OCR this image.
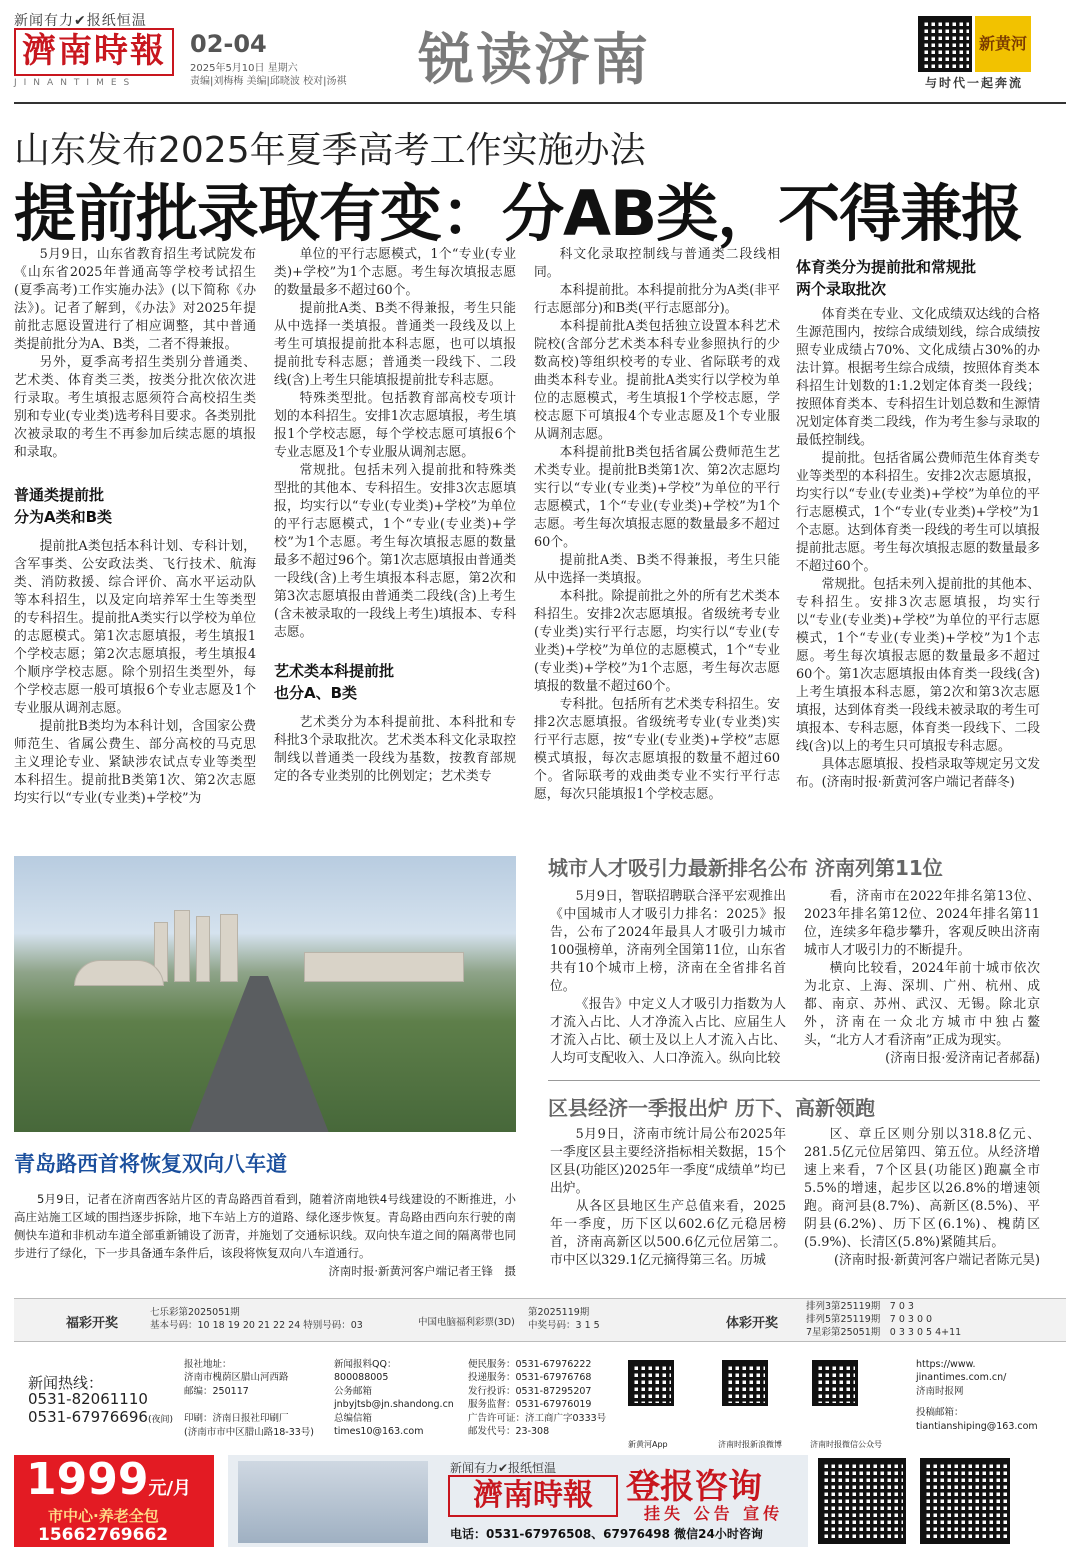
新闻有力✔报纸恒温
濟南時報
JINANTIMES
02-04
2025年5月10日 星期六
责编|刘梅梅 美编|邱晓波 校对|汤祺 锐读济南	新黄河
与时代一起奔流
山东发布2025年夏季高考工作实施办法
提前批录取有变：分AB类，不得兼报

5月9日，山东省教育招生考试院发布《山东省2025年普通高等学校考试招生(夏季高考)工作实施办法》(以下简称《办法》)。记者了解到，《办法》对2025年提前批志愿设置进行了相应调整，其中普通类提前批分为A、B类，二者不得兼报。

另外，夏季高考招生类别分普通类、艺术类、体育类三类，按类分批次依次进行录取。考生填报志愿须符合高校招生类别和专业(专业类)选考科目要求。各类别批次被录取的考生不再参加后续志愿的填报和录取。

普通类提前批
分为A类和B类

提前批A类包括本科计划、专科计划，含军事类、公安政法类、飞行技术、航海类、消防救援、综合评价、高水平运动队等本科招生，以及定向培养军士生等类型的专科招生。提前批A类实行以学校为单位的志愿模式。第1次志愿填报，考生填报1个学校志愿；第2次志愿填报，考生填报4个顺序学校志愿。除个别招生类型外，每个学校志愿一般可填报6个专业志愿及1个专业服从调剂志愿。

提前批B类均为本科计划，含国家公费师范生、省属公费生、部分高校的马克思主义理论专业、紧缺涉农试点专业等类型本科招生。提前批B类第1次、第2次志愿均实行以“专业(专业类)+学校”为

单位的平行志愿模式，1个“专业(专业类)+学校”为1个志愿。考生每次填报志愿的数量最多不超过60个。

提前批A类、B类不得兼报，考生只能从中选择一类填报。普通类一段线及以上考生可填报提前批本科志愿，也可以填报提前批专科志愿；普通类一段线下、二段线(含)上考生只能填报提前批专科志愿。

特殊类型批。包括教育部高校专项计划的本科招生。安排1次志愿填报，考生填报1个学校志愿，每个学校志愿可填报6个专业志愿及1个专业服从调剂志愿。

常规批。包括未列入提前批和特殊类型批的其他本、专科招生。安排3次志愿填报，均实行以“专业(专业类)+学校”为单位的平行志愿模式，1个“专业(专业类)+学校”为1个志愿。考生每次填报志愿的数量最多不超过96个。第1次志愿填报由普通类一段线(含)上考生填报本科志愿，第2次和第3次志愿填报由普通类二段线(含)上考生(含未被录取的一段线上考生)填报本、专科志愿。

艺术类本科提前批
也分A、B类

艺术类分为本科提前批、本科批和专科批3个录取批次。艺术类本科文化录取控制线以普通类一段线为基数，按教育部规定的各专业类别的比例划定；艺术类专

科文化录取控制线与普通类二段线相同。

本科提前批。本科提前批分为A类(非平行志愿部分)和B类(平行志愿部分)。

本科提前批A类包括独立设置本科艺术院校(含部分艺术类本科专业参照执行的少数高校)等组织校考的专业、省际联考的戏曲类本科专业。提前批A类实行以学校为单位的志愿模式，考生填报1个学校志愿，学校志愿下可填报4个专业志愿及1个专业服从调剂志愿。

本科提前批B类包括省属公费师范生艺术类专业。提前批B类第1次、第2次志愿均实行以“专业(专业类)+学校”为单位的平行志愿模式，1个“专业(专业类)+学校”为1个志愿。考生每次填报志愿的数量最多不超过60个。

提前批A类、B类不得兼报，考生只能从中选择一类填报。

本科批。除提前批之外的所有艺术类本科招生。安排2次志愿填报。省级统考专业(专业类)实行平行志愿，均实行以“专业(专业类)+学校”为单位的志愿模式，1个“专业(专业类)+学校”为1个志愿，考生每次志愿填报的数量不超过60个。

专科批。包括所有艺术类专科招生。安排2次志愿填报。省级统考专业(专业类)实行平行志愿，按“专业(专业类)+学校”志愿模式填报，每次志愿填报的数量不超过60个。省际联考的戏曲类专业不实行平行志愿，每次只能填报1个学校志愿。

体育类分为提前批和常规批
两个录取批次

体育类在专业、文化成绩双达线的合格生源范围内，按综合成绩划线，综合成绩按照专业成绩占70%、文化成绩占30%的办法计算。根据考生综合成绩，按照体育类本科招生计划数的1:1.2划定体育类一段线；按照体育类本、专科招生计划总数和生源情况划定体育类二段线，作为考生参与录取的最低控制线。

提前批。包括省属公费师范生体育类专业等类型的本科招生。安排2次志愿填报，均实行以“专业(专业类)+学校”为单位的平行志愿模式，1个“专业(专业类)+学校”为1个志愿。达到体育类一段线的考生可以填报提前批志愿。考生每次填报志愿的数量最多不超过60个。

常规批。包括未列入提前批的其他本、专科招生。安排3次志愿填报，均实行以“专业(专业类)+学校”为单位的平行志愿模式，1个“专业(专业类)+学校”为1个志愿。考生每次填报志愿的数量最多不超过60个。第1次志愿填报由体育类一段线(含)上考生填报本科志愿，第2次和第3次志愿填报，达到体育类一段线未被录取的考生可填报本、专科志愿，体育类一段线下、二段线(含)以上的考生只可填报专科志愿。

具体志愿填报、投档录取等规定另文发布。(济南时报·新黄河客户端记者薛冬)

青岛路西首将恢复双向八车道

5月9日，记者在济南西客站片区的青岛路西首看到，随着济南地铁4号线建设的不断推进，小高庄站施工区域的围挡逐步拆除，地下车站上方的道路、绿化逐步恢复。青岛路由西向东行驶的南侧快车道和非机动车道全部重新铺设了沥青，并施划了交通标识线。双向快车道之间的隔离带也同步进行了绿化，下一步具备通车条件后，该段将恢复双向八车道通行。

济南时报·新黄河客户端记者王锋　摄
城市人才吸引力最新排名公布 济南列第11位

5月9日，智联招聘联合泽平宏观推出《中国城市人才吸引力排名：2025》报告，公布了2024年最具人才吸引力城市100强榜单，济南列全国第11位，山东省共有10个城市上榜，济南在全省排名首位。

《报告》中定义人才吸引力指数为人才流入占比、人才净流入占比、应届生人才流入占比、硕士及以上人才流入占比、人均可支配收入、人口净流入。纵向比较

看，济南市在2022年排名第13位、2023年排名第12位、2024年排名第11位，连续多年稳步攀升，客观反映出济南城市人才吸引力的不断提升。

横向比较看，2024年前十城市依次为北京、上海、深圳、广州、杭州、成都、南京、苏州、武汉、无锡。除北京外，济南在一众北方城市中独占鳌头，“北方人才看济南”正成为现实。

(济南日报·爱济南记者郝磊)
区县经济一季报出炉 历下、高新领跑

5月9日，济南市统计局公布2025年一季度区县主要经济指标相关数据，15个区县(功能区)2025年一季度“成绩单”均已出炉。

从各区县地区生产总值来看，2025年一季度，历下区以602.6亿元稳居榜首，济南高新区以500.6亿元位居第二。市中区以329.1亿元摘得第三名。历城

区、章丘区则分别以318.8亿元、281.5亿元位居第四、第五位。从经济增速上来看，7个区县(功能区)跑赢全市5.5%的增速，起步区以26.8%的增速领跑。商河县(8.7%)、高新区(8.5%)、平阴县(6.2%)、历下区(6.1%)、槐荫区(5.9%)、长清区(5.8%)紧随其后。

(济南时报·新黄河客户端记者陈元昊)
福彩开奖
七乐彩第2025051期
基本号码：10 18 19 20 21 22 24 特别号码：03	中国电脑福利彩票(3D)
第2025119期
中奖号码：3 1 5	体彩开奖
排列3第25119期　7 0 3
排列5第25119期　7 0 3 0 0
7星彩第25051期　0 3 3 0 5 4+11
新闻热线：
0531-82061110
0531-67976696(夜间)
报社地址：
济南市槐荫区腊山河西路
邮编：250117
印刷：济南日报社印刷厂
(济南市市中区腊山路18-33号)
新闻报料QQ：
800088005
公务邮箱
jnbyjtsb@jn.shandong.cn
总编信箱
times10@163.com
便民服务：0531-67976222
投递服务：0531-67976768
发行投诉：0531-87295207
服务监督：0531-67976019
广告许可证：济工商广字0333号
邮发代号：23-308
新黄河App	济南时报新浪微博	济南时报微信公众号
https://www.
jinantimes.com.cn/
济南时报网
投稿邮箱：
tiantianshiping@163.com
1999元/月
市中心·养老全包
15662769662
新闻有力✔报纸恒温
濟南時報 登报咨询
挂失 公告 宣传
电话：0531-67976508、67976498 微信24小时咨询
